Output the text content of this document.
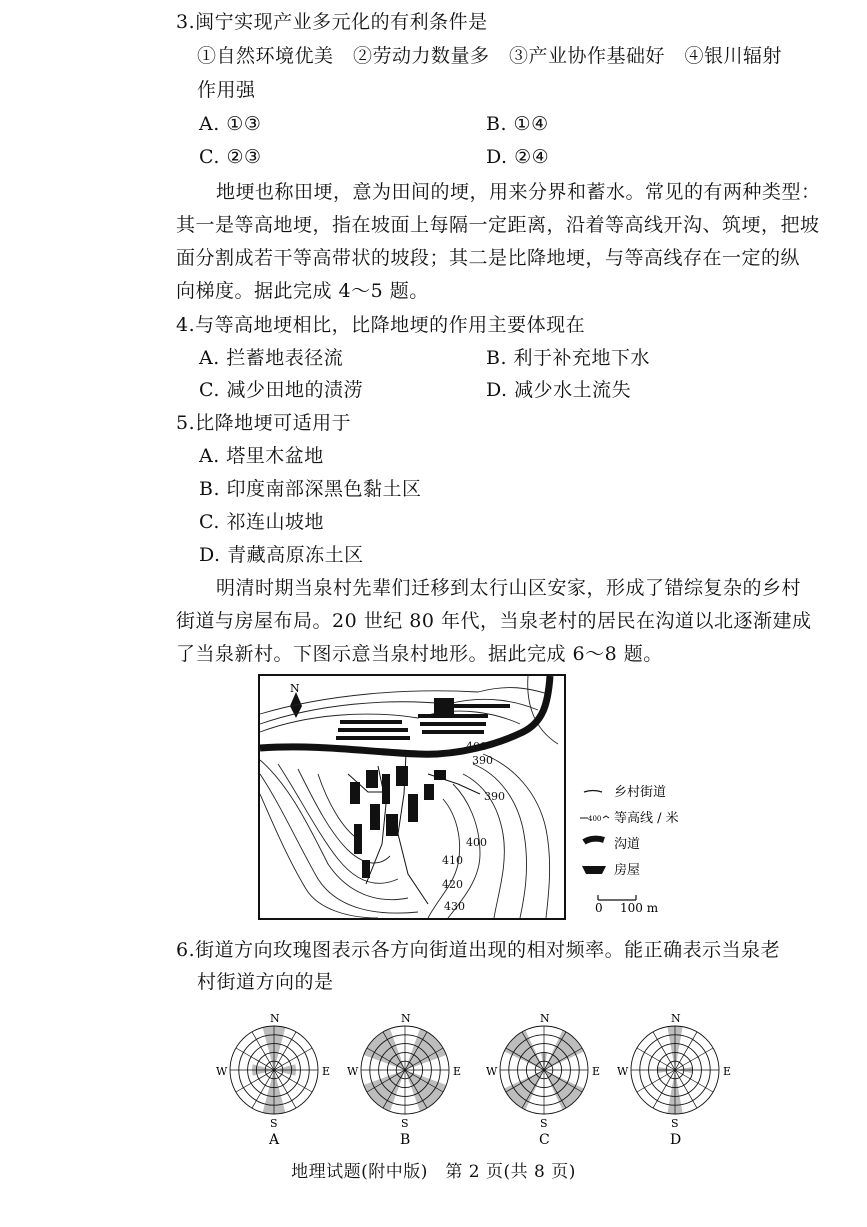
3.闽宁实现产业多元化的有利条件是
①自然环境优美　②劳动力数量多　③产业协作基础好　④银川辐射
作用强
A. ①③	B. ①④
C. ②③	D. ②④
地埂也称田埂，意为田间的埂，用来分界和蓄水。常见的有两种类型：
其一是等高地埂，指在坡面上每隔一定距离，沿着等高线开沟、筑埂，把坡
面分割成若干等高带状的坡段；其二是比降地埂，与等高线存在一定的纵
向梯度。据此完成 4～5 题。
4.与等高地埂相比，比降地埂的作用主要体现在
A. 拦蓄地表径流	B. 利于补充地下水
C. 减少田地的渍涝	D. 减少水土流失
5.比降地埂可适用于
A. 塔里木盆地
B. 印度南部深黑色黏土区
C. 祁连山坡地
D. 青藏高原冻土区
明清时期当泉村先辈们迁移到太行山区安家，形成了错综复杂的乡村
街道与房屋布局。20 世纪 80 年代，当泉老村的居民在沟道以北逐渐建成
了当泉新村。下图示意当泉村地形。据此完成 6～8 题。
N
400
390
390
400
410
420
430
乡村街道
400 等高线 / 米
沟道
房屋
0 100 m
6.街道方向玫瑰图表示各方向街道出现的相对频率。能正确表示当泉老
村街道方向的是
N
S
E
W
A
N
S
E
W
B
N
S
E
W
C
N
S
E
W
D
地理试题(附中版)　第 2 页(共 8 页)
